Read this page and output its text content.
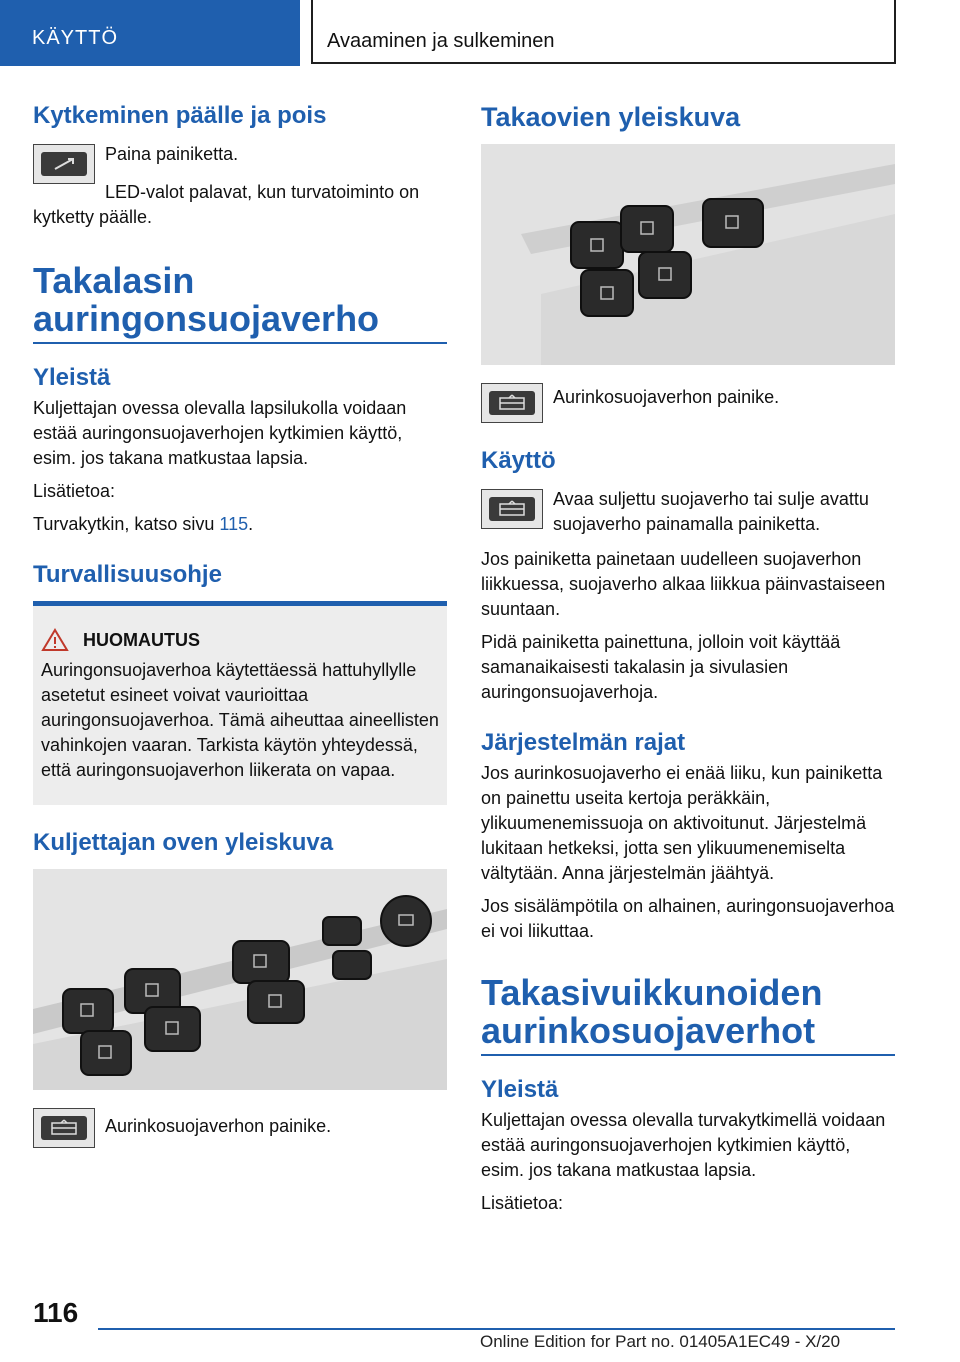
KÄYTTÖ	Avaaminen ja sulkeminen
Kytkeminen päälle ja pois

Paina painiketta.

LED-valot palavat, kun turvatoiminto on kytketty päälle.

Takalasin auringonsuojaverho
Yleistä

Kuljettajan ovessa olevalla lapsilukolla voidaan estää auringonsuojaverhojen kytkimien käyttö, esim. jos takana matkustaa lapsia.

Lisätietoa:

Turvakytkin, katso sivu 115.

Turvallisuusohje
HUOMAUTUS

Auringonsuojaverhoa käytettäessä hattuhyllylle asetetut esineet voivat vaurioittaa auringonsuojaverhoa. Tämä aiheuttaa aineellisten vahinkojen vaaran. Tarkista käytön yhteydessä, että auringonsuojaverhon liikerata on vapaa.

Kuljettajan oven yleiskuva

Aurinkosuojaverhon painike.

Takaovien yleiskuva

Aurinkosuojaverhon painike.

Käyttö

Avaa suljettu suojaverho tai sulje avattu suojaverho painamalla painiketta.

Jos painiketta painetaan uudelleen suojaverhon liikkuessa, suojaverho alkaa liikkua päinvastaiseen suuntaan.

Pidä painiketta painettuna, jolloin voit käyttää samanaikaisesti takalasin ja sivulasien auringonsuojaverhoja.

Järjestelmän rajat

Jos aurinkosuojaverho ei enää liiku, kun painiketta on painettu useita kertoja peräkkäin, ylikuumenemissuoja on aktivoitunut. Järjestelmä lukitaan hetkeksi, jotta sen ylikuumenemiselta vältytään. Anna järjestelmän jäähtyä.

Jos sisälämpötila on alhainen, auringonsuojaverhoa ei voi liikuttaa.

Takasivuikkunoiden aurinkosuojaverhot
Yleistä

Kuljettajan ovessa olevalla turvakytkimellä voidaan estää auringonsuojaverhojen kytkimien käyttö, esim. jos takana matkustaa lapsia.

Lisätietoa:

116
Online Edition for Part no. 01405A1EC49 - X/20
